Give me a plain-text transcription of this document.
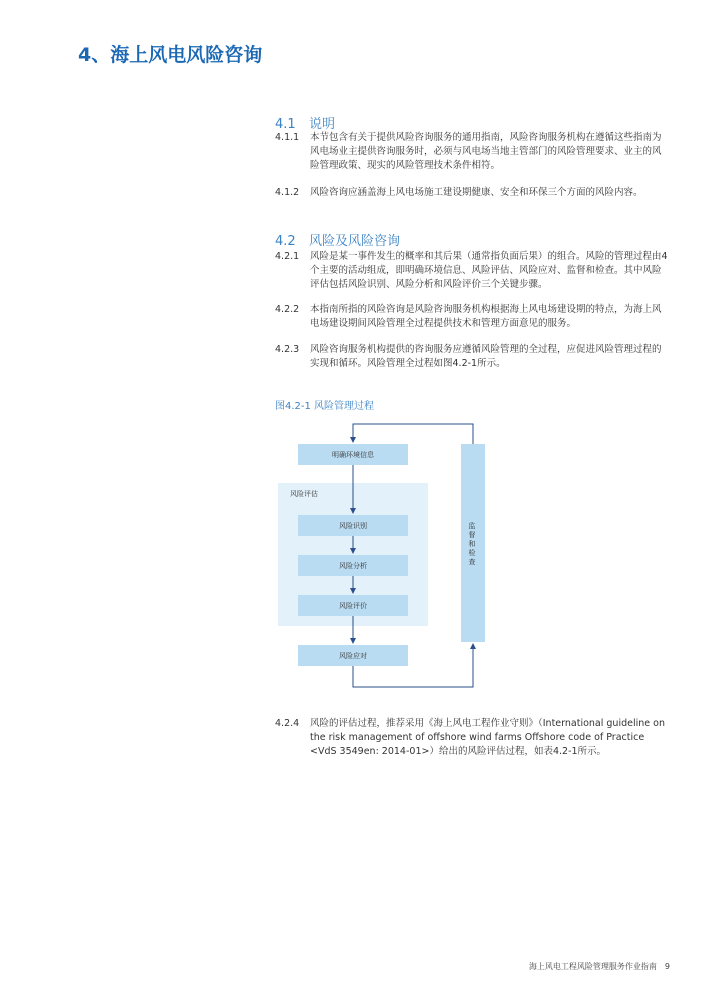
4、海上风电风险咨询
4.1 说明
4.1.1	本节包含有关于提供风险咨询服务的通用指南，风险咨询服务机构在遵循这些指南为风电场业主提供咨询服务时，必须与风电场当地主管部门的风险管理要求、业主的风险管理政策、现实的风险管理技术条件相符。
4.1.2	风险咨询应涵盖海上风电场施工建设期健康、安全和环保三个方面的风险内容。
4.2 风险及风险咨询
4.2.1	风险是某一事件发生的概率和其后果（通常指负面后果）的组合。风险的管理过程由4个主要的活动组成，即明确环境信息、风险评估、风险应对、监督和检查。其中风险评估包括风险识别、风险分析和风险评价三个关键步骤。
4.2.2	本指南所指的风险咨询是风险咨询服务机构根据海上风电场建设期的特点，为海上风电场建设期间风险管理全过程提供技术和管理方面意见的服务。
4.2.3	风险咨询服务机构提供的咨询服务应遵循风险管理的全过程，应促进风险管理过程的实现和循环。风险管理全过程如图4.2-1所示。
图4.2-1 风险管理过程
风险评估
明确环境信息
风险识别
风险分析
风险评价
风险应对
监督和检查
4.2.4	风险的评估过程，推荐采用《海上风电工程作业守则》（International guideline on the risk management of offshore wind farms Offshore code of Practice <VdS 3549en: 2014-01>）给出的风险评估过程，如表4.2-1所示。
海上风电工程风险管理服务作业指南 9
